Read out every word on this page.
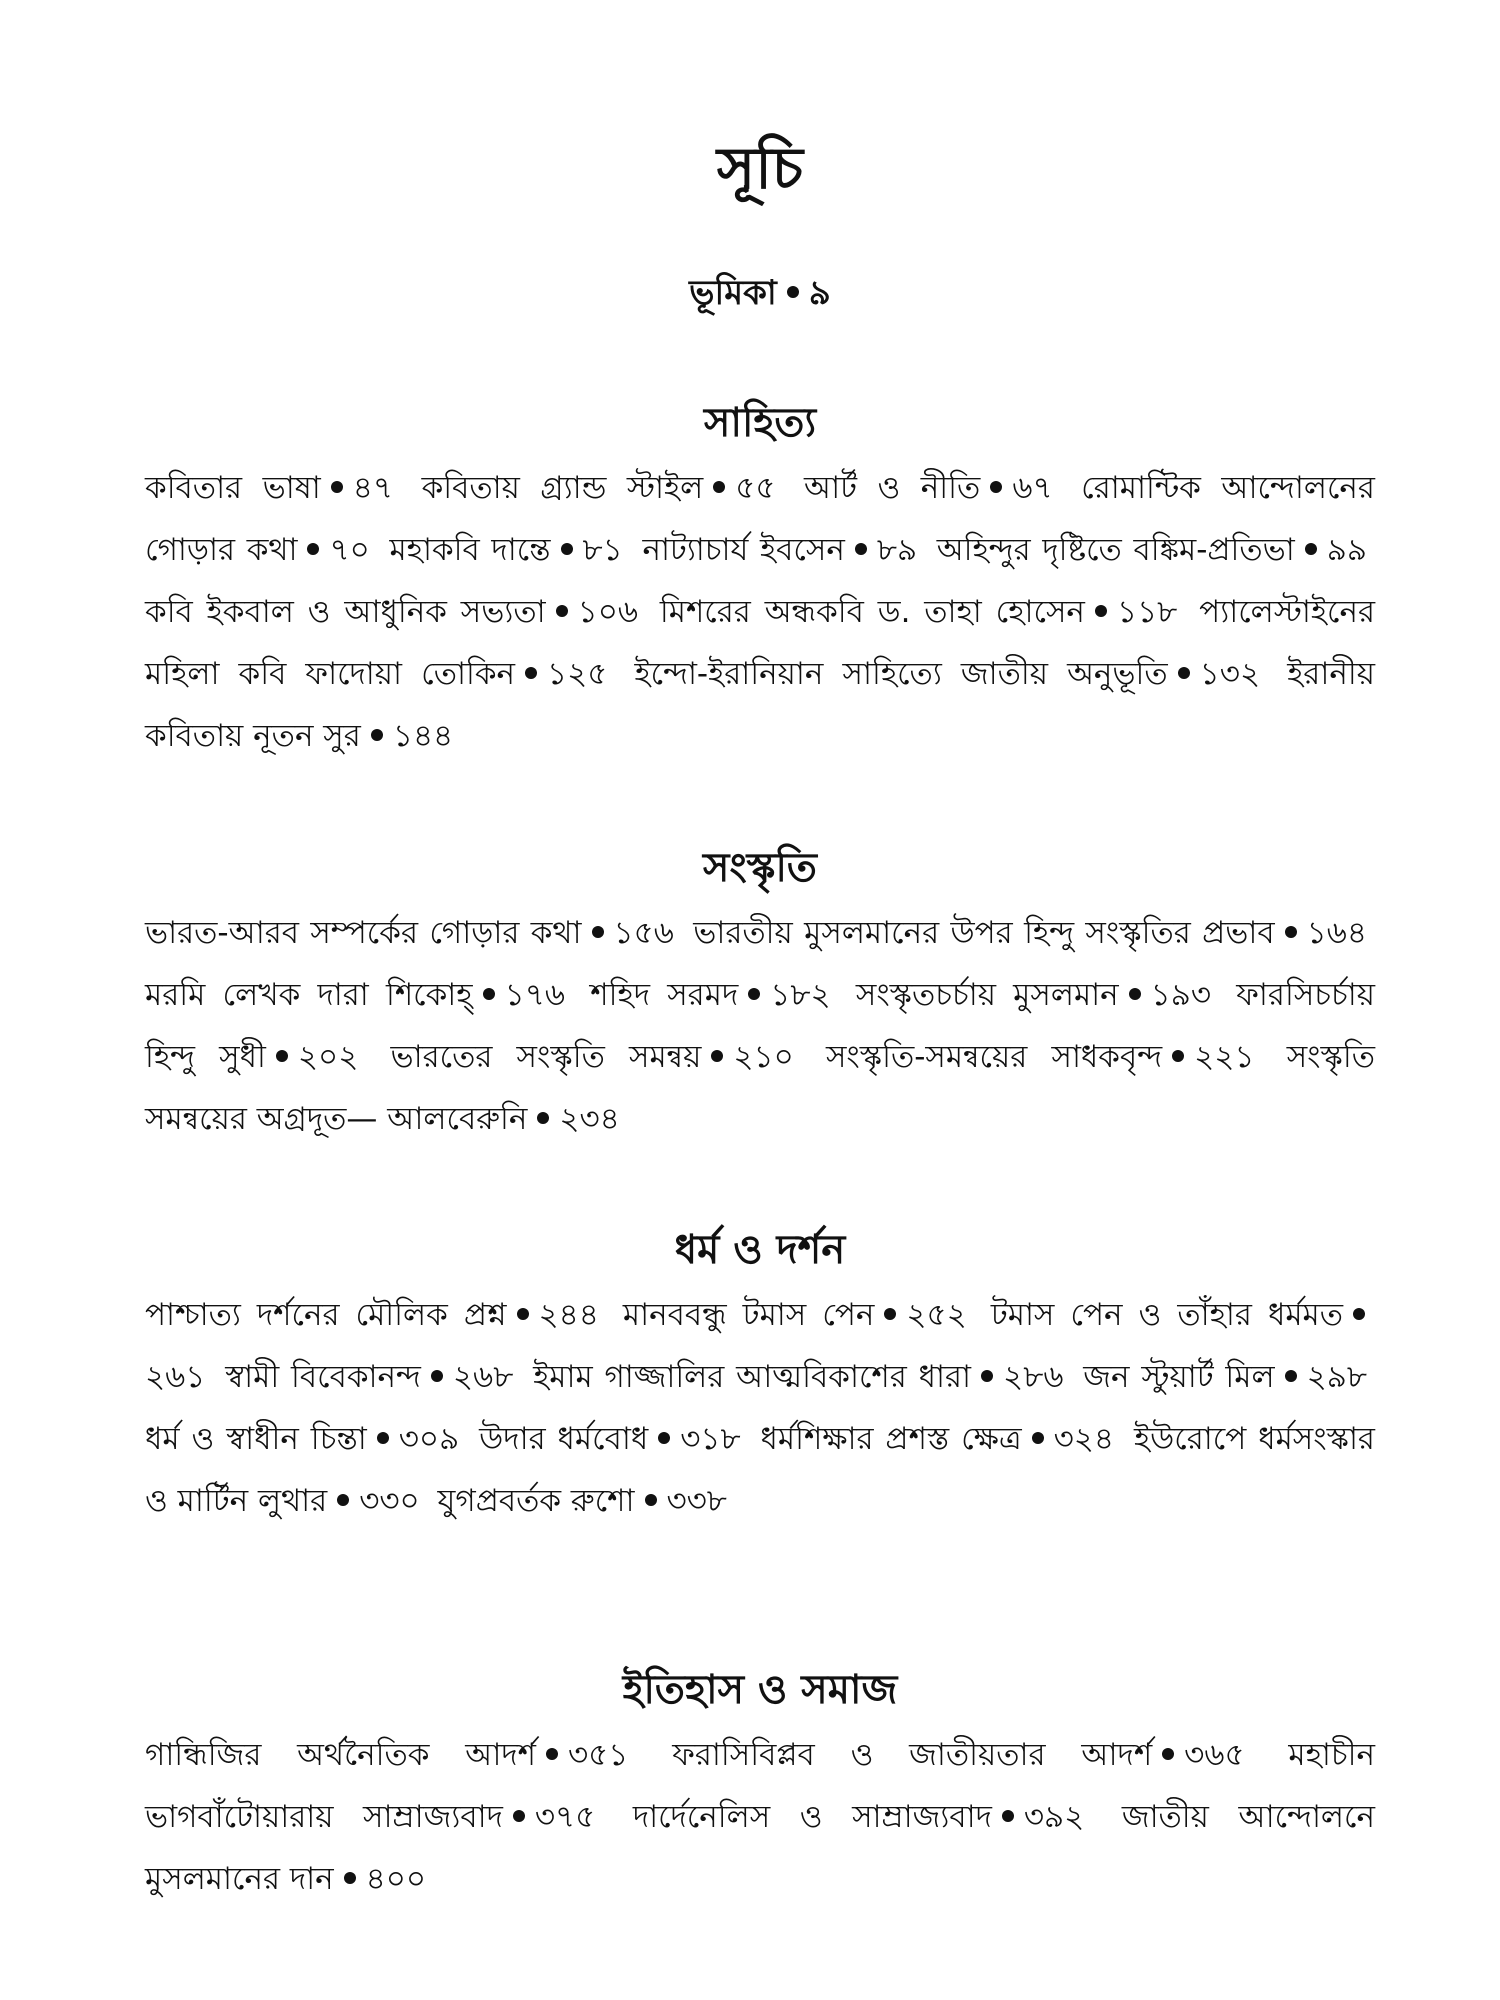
সূচি
ভূমিকা ৯
সাহিত্য
কবিতার ভাষা ৪৭ কবিতায় গ্র্যান্ড স্টাইল ৫৫ আর্ট ও নীতি ৬৭ রোমান্টিক আন্দোলনের গোড়ার কথা ৭০ মহাকবি দান্তে ৮১ নাট্যাচার্য ইবসেন ৮৯ অহিন্দুর দৃষ্টিতে বঙ্কিম-প্রতিভা ৯৯ কবি ইকবাল ও আধুনিক সভ্যতা ১০৬ মিশরের অন্ধকবি ড. তাহা হোসেন ১১৮ প্যালেস্টাইনের মহিলা কবি ফাদোয়া তোকিন ১২৫ ইন্দো-ইরানিয়ান সাহিত্যে জাতীয় অনুভূতি ১৩২ ইরানীয় কবিতায় নূতন সুর ১৪৪
সংস্কৃতি
ভারত-আরব সম্পর্কের গোড়ার কথা ১৫৬ ভারতীয় মুসলমানের উপর হিন্দু সংস্কৃতির প্রভাব ১৬৪ মরমি লেখক দারা শিকোহ্ ১৭৬ শহিদ সরমদ ১৮২ সংস্কৃতচর্চায় মুসলমান ১৯৩ ফারসিচর্চায় হিন্দু সুধী ২০২ ভারতের সংস্কৃতি সমন্বয় ২১০ সংস্কৃতি-সমন্বয়ের সাধকবৃন্দ ২২১ সংস্কৃতি সমন্বয়ের অগ্রদূত— আলবেরুনি ২৩৪
ধর্ম ও দর্শন
পাশ্চাত্য দর্শনের মৌলিক প্রশ্ন ২৪৪ মানববন্ধু টমাস পেন ২৫২ টমাস পেন ও তাঁহার ধর্মমত২৬১ স্বামী বিবেকানন্দ ২৬৮ ইমাম গাজ্জালির আত্মবিকাশের ধারা ২৮৬ জন স্টুয়ার্ট মিল ২৯৮ ধর্ম ও স্বাধীন চিন্তা ৩০৯ উদার ধর্মবোধ ৩১৮ ধর্মশিক্ষার প্রশস্ত ক্ষেত্র ৩২৪ ইউরোপে ধর্মসংস্কার ও মার্টিন লুথার ৩৩০ যুগপ্রবর্তক রুশো ৩৩৮
ইতিহাস ও সমাজ
গান্ধিজির অর্থনৈতিক আদর্শ ৩৫১ ফরাসিবিপ্লব ও জাতীয়তার আদর্শ ৩৬৫ মহাচীন ভাগবাঁটোয়ারায় সাম্রাজ্যবাদ ৩৭৫ দার্দেনেলিস ও সাম্রাজ্যবাদ ৩৯২ জাতীয় আন্দোলনে মুসলমানের দান ৪০০
